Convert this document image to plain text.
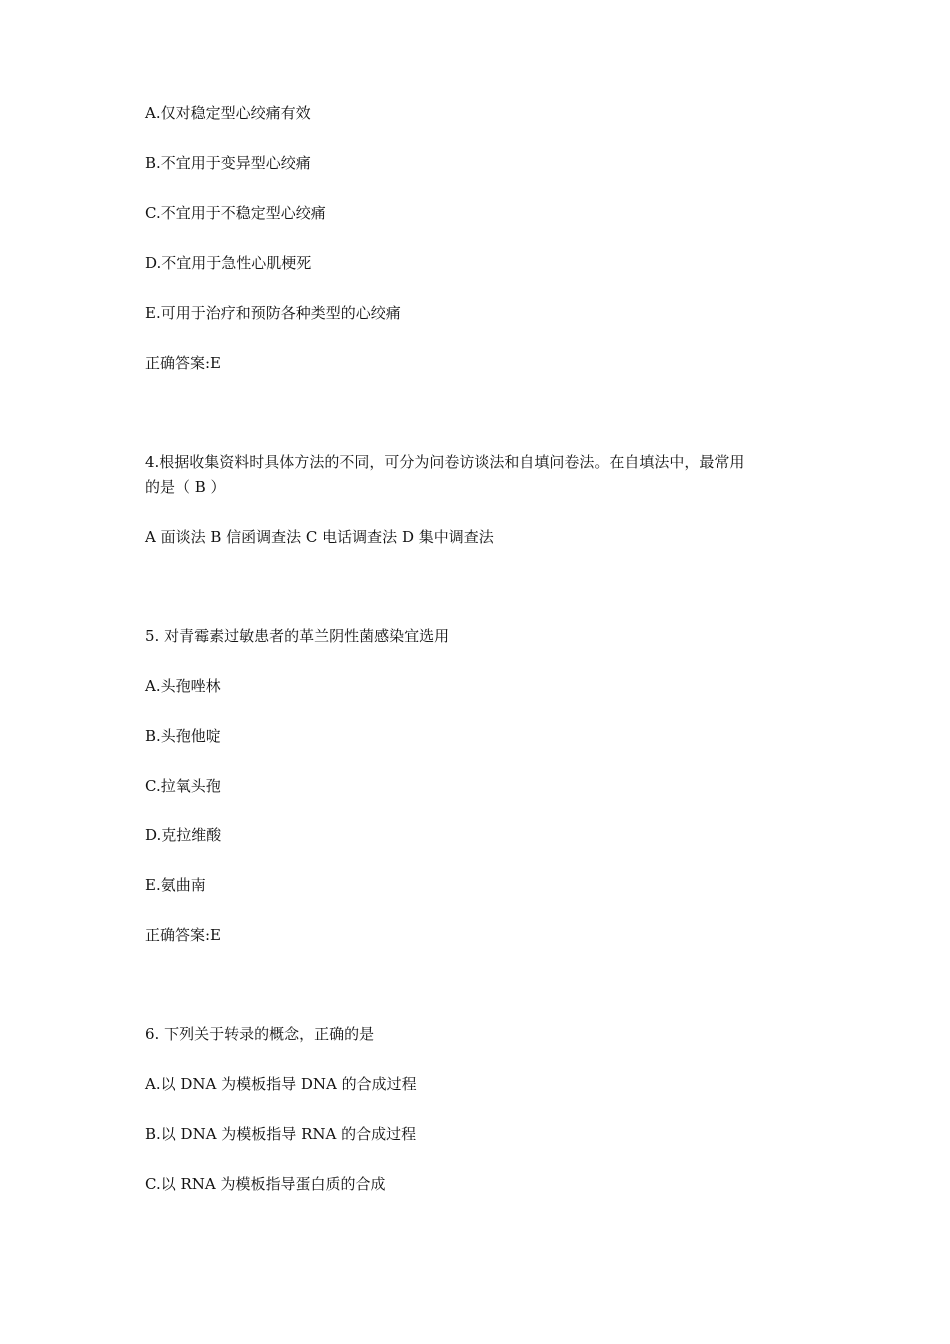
A.仅对稳定型心绞痛有效
B.不宜用于变异型心绞痛
C.不宜用于不稳定型心绞痛
D.不宜用于急性心肌梗死
E.可用于治疗和预防各种类型的心绞痛
正确答案:E
4.根据收集资料时具体方法的不同，可分为问卷访谈法和自填问卷法。在自填法中，最常用
的是（ B ）
A 面谈法 B 信函调查法 C 电话调查法 D 集中调查法
5. 对青霉素过敏患者的革兰阴性菌感染宜选用
A.头孢唑林
B.头孢他啶
C.拉氧头孢
D.克拉维酸
E.氨曲南
正确答案:E
6. 下列关于转录的概念，正确的是
A.以 DNA 为模板指导 DNA 的合成过程
B.以 DNA 为模板指导 RNA 的合成过程
C.以 RNA 为模板指导蛋白质的合成
